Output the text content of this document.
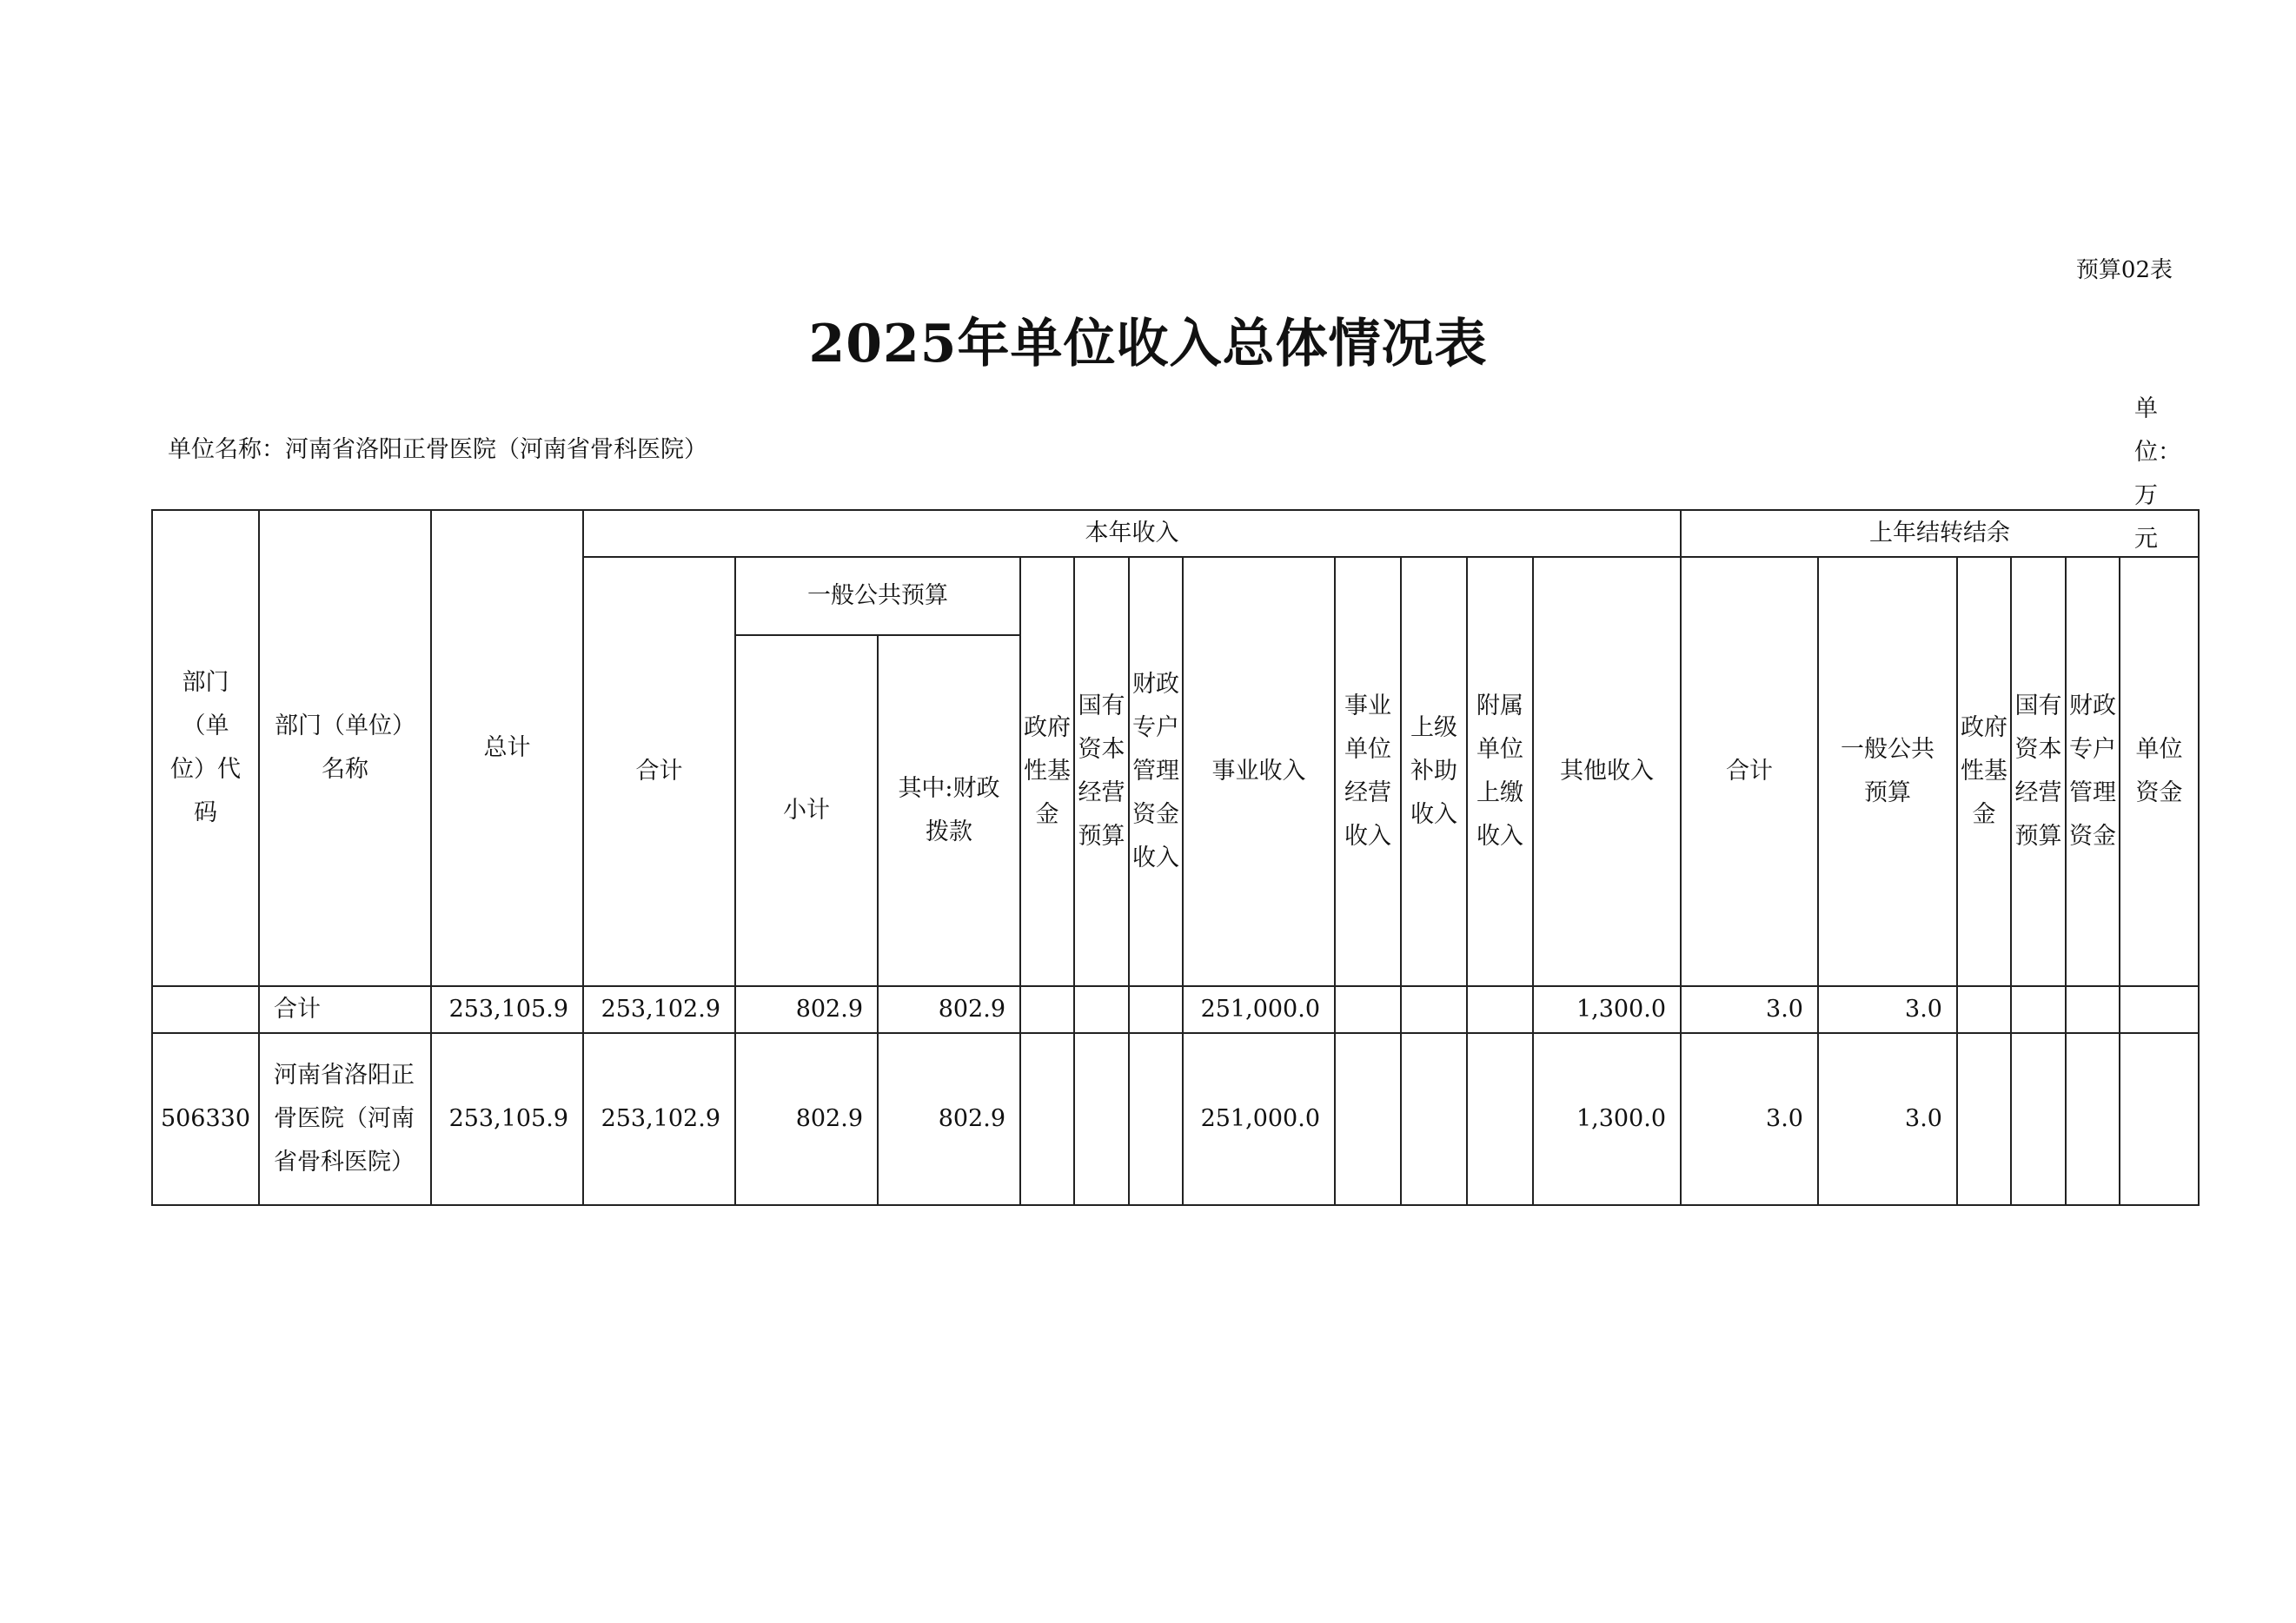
预算02表
2025年单位收入总体情况表
单位名称：河南省洛阳正骨医院（河南省骨科医院）
单位：万元
部门（单位）代码	部门（单位）名称	总计	本年收入											上年结转结余					
			合计	一般公共预算		政府性基金	国有资本经营预算	财政专户管理资金收入	事业收入	事业单位经营收入	上级补助收入	附属单位上缴收入	其他收入	合计	一般公共预算	政府性基金	国有资本经营预算	财政专户管理资金	单位资金

				小计	其中:财政拨款														

	合计	253,105.9	253,102.9	802.9	802.9				251,000.0				1,300.0	3.0	3.0				
506330	河南省洛阳正骨医院（河南省骨科医院）	253,105.9	253,102.9	802.9	802.9				251,000.0				1,300.0	3.0	3.0				
